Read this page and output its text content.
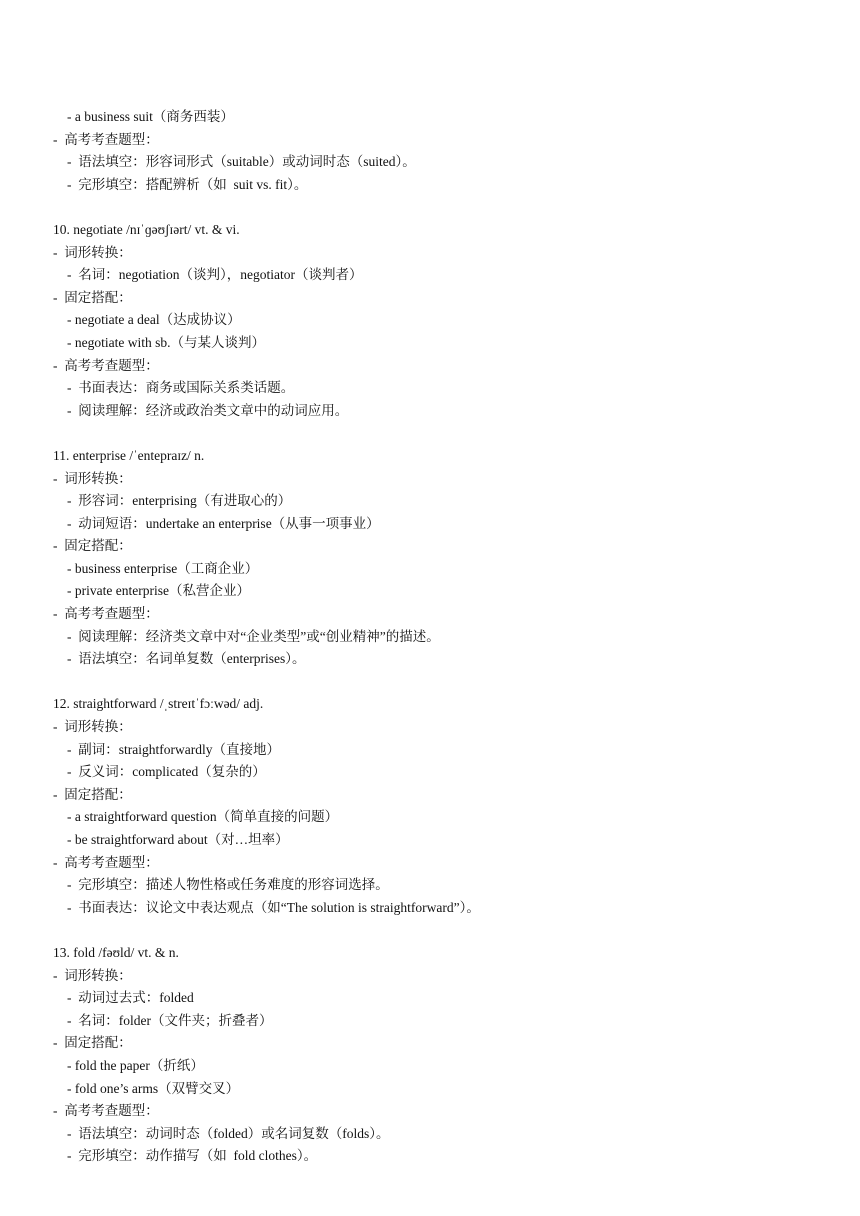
- a business suit（商务西装）
-  高考考查题型：
-  语法填空：形容词形式（suitable）或动词时态（suited）。
-  完形填空：搭配辨析（如  suit vs. fit）。
10. negotiate /nɪˈɡəʊʃɪərt/ vt. & vi.
-  词形转换：
-  名词：negotiation（谈判），negotiator（谈判者）
-  固定搭配：
- negotiate a deal（达成协议）
- negotiate with sb.（与某人谈判）
-  高考考查题型：
-  书面表达：商务或国际关系类话题。
-  阅读理解：经济或政治类文章中的动词应用。
11. enterprise /ˈentepraɪz/ n.
-  词形转换：
-  形容词：enterprising（有进取心的）
-  动词短语：undertake an enterprise（从事一项事业）
-  固定搭配：
- business enterprise（工商企业）
- private enterprise（私营企业）
-  高考考查题型：
-  阅读理解：经济类文章中对“企业类型”或“创业精神”的描述。
-  语法填空：名词单复数（enterprises）。
12. straightforward /ˌstreɪtˈfɔːwəd/ adj.
-  词形转换：
-  副词：straightforwardly（直接地）
-  反义词：complicated（复杂的）
-  固定搭配：
- a straightforward question（简单直接的问题）
- be straightforward about（对…坦率）
-  高考考查题型：
-  完形填空：描述人物性格或任务难度的形容词选择。
-  书面表达：议论文中表达观点（如“The solution is straightforward”）。
13. fold /fəʊld/ vt. & n.
-  词形转换：
-  动词过去式：folded
-  名词：folder（文件夹；折叠者）
-  固定搭配：
- fold the paper（折纸）
- fold one’s arms（双臂交叉）
-  高考考查题型：
-  语法填空：动词时态（folded）或名词复数（folds）。
-  完形填空：动作描写（如  fold clothes）。
